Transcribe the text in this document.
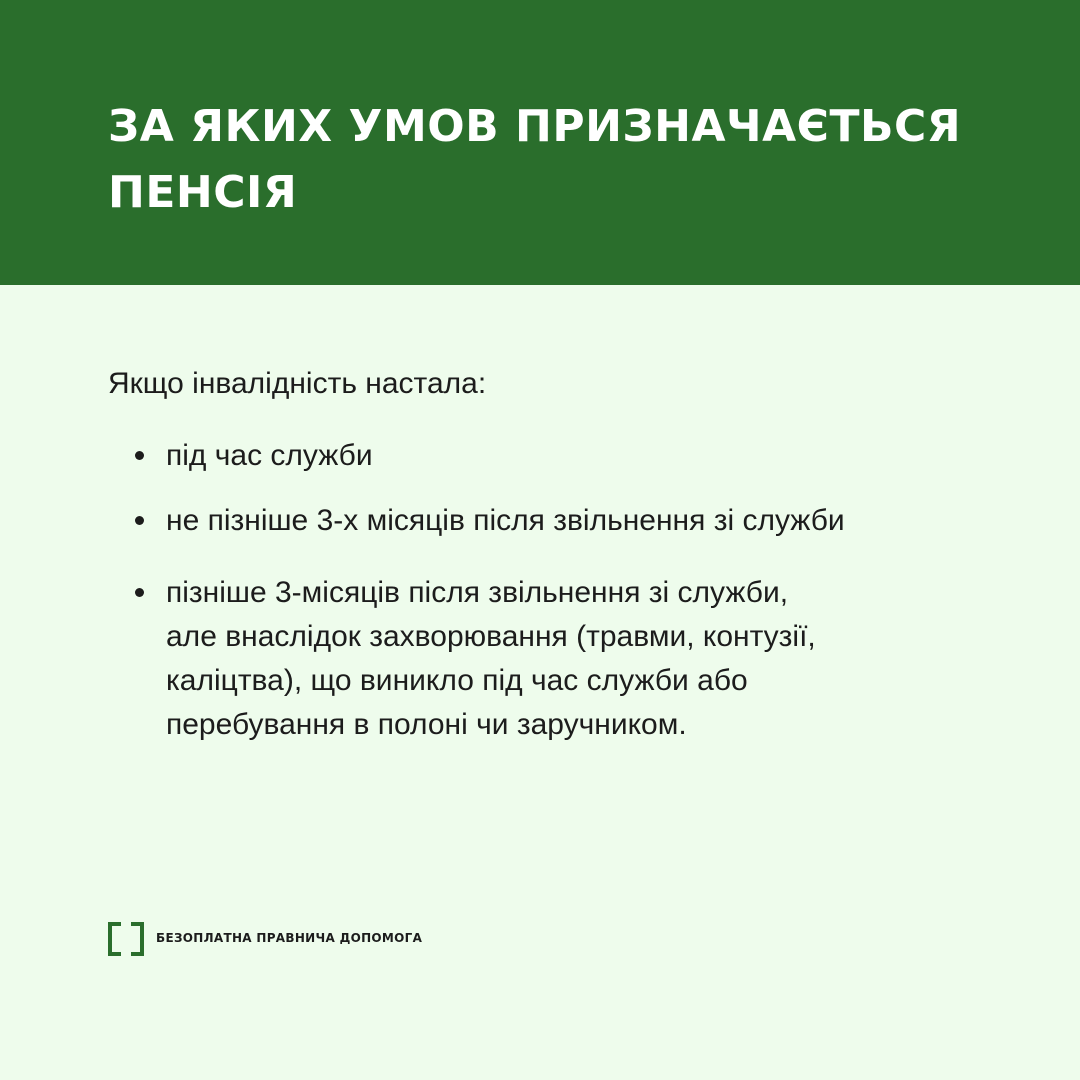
ЗА ЯКИХ УМОВ ПРИЗНАЧАЄТЬСЯ ПЕНСІЯ

Якщо інвалідність настала:

під час служби
не пізніше 3-х місяців після звільнення зі служби
пізніше 3-місяців після звільнення зі служби,
але внаслідок захворювання (травми, контузії,
каліцтва), що виникло під час служби або
перебування в полоні чи заручником.
БЕЗОПЛАТНА ПРАВНИЧА ДОПОМОГА
